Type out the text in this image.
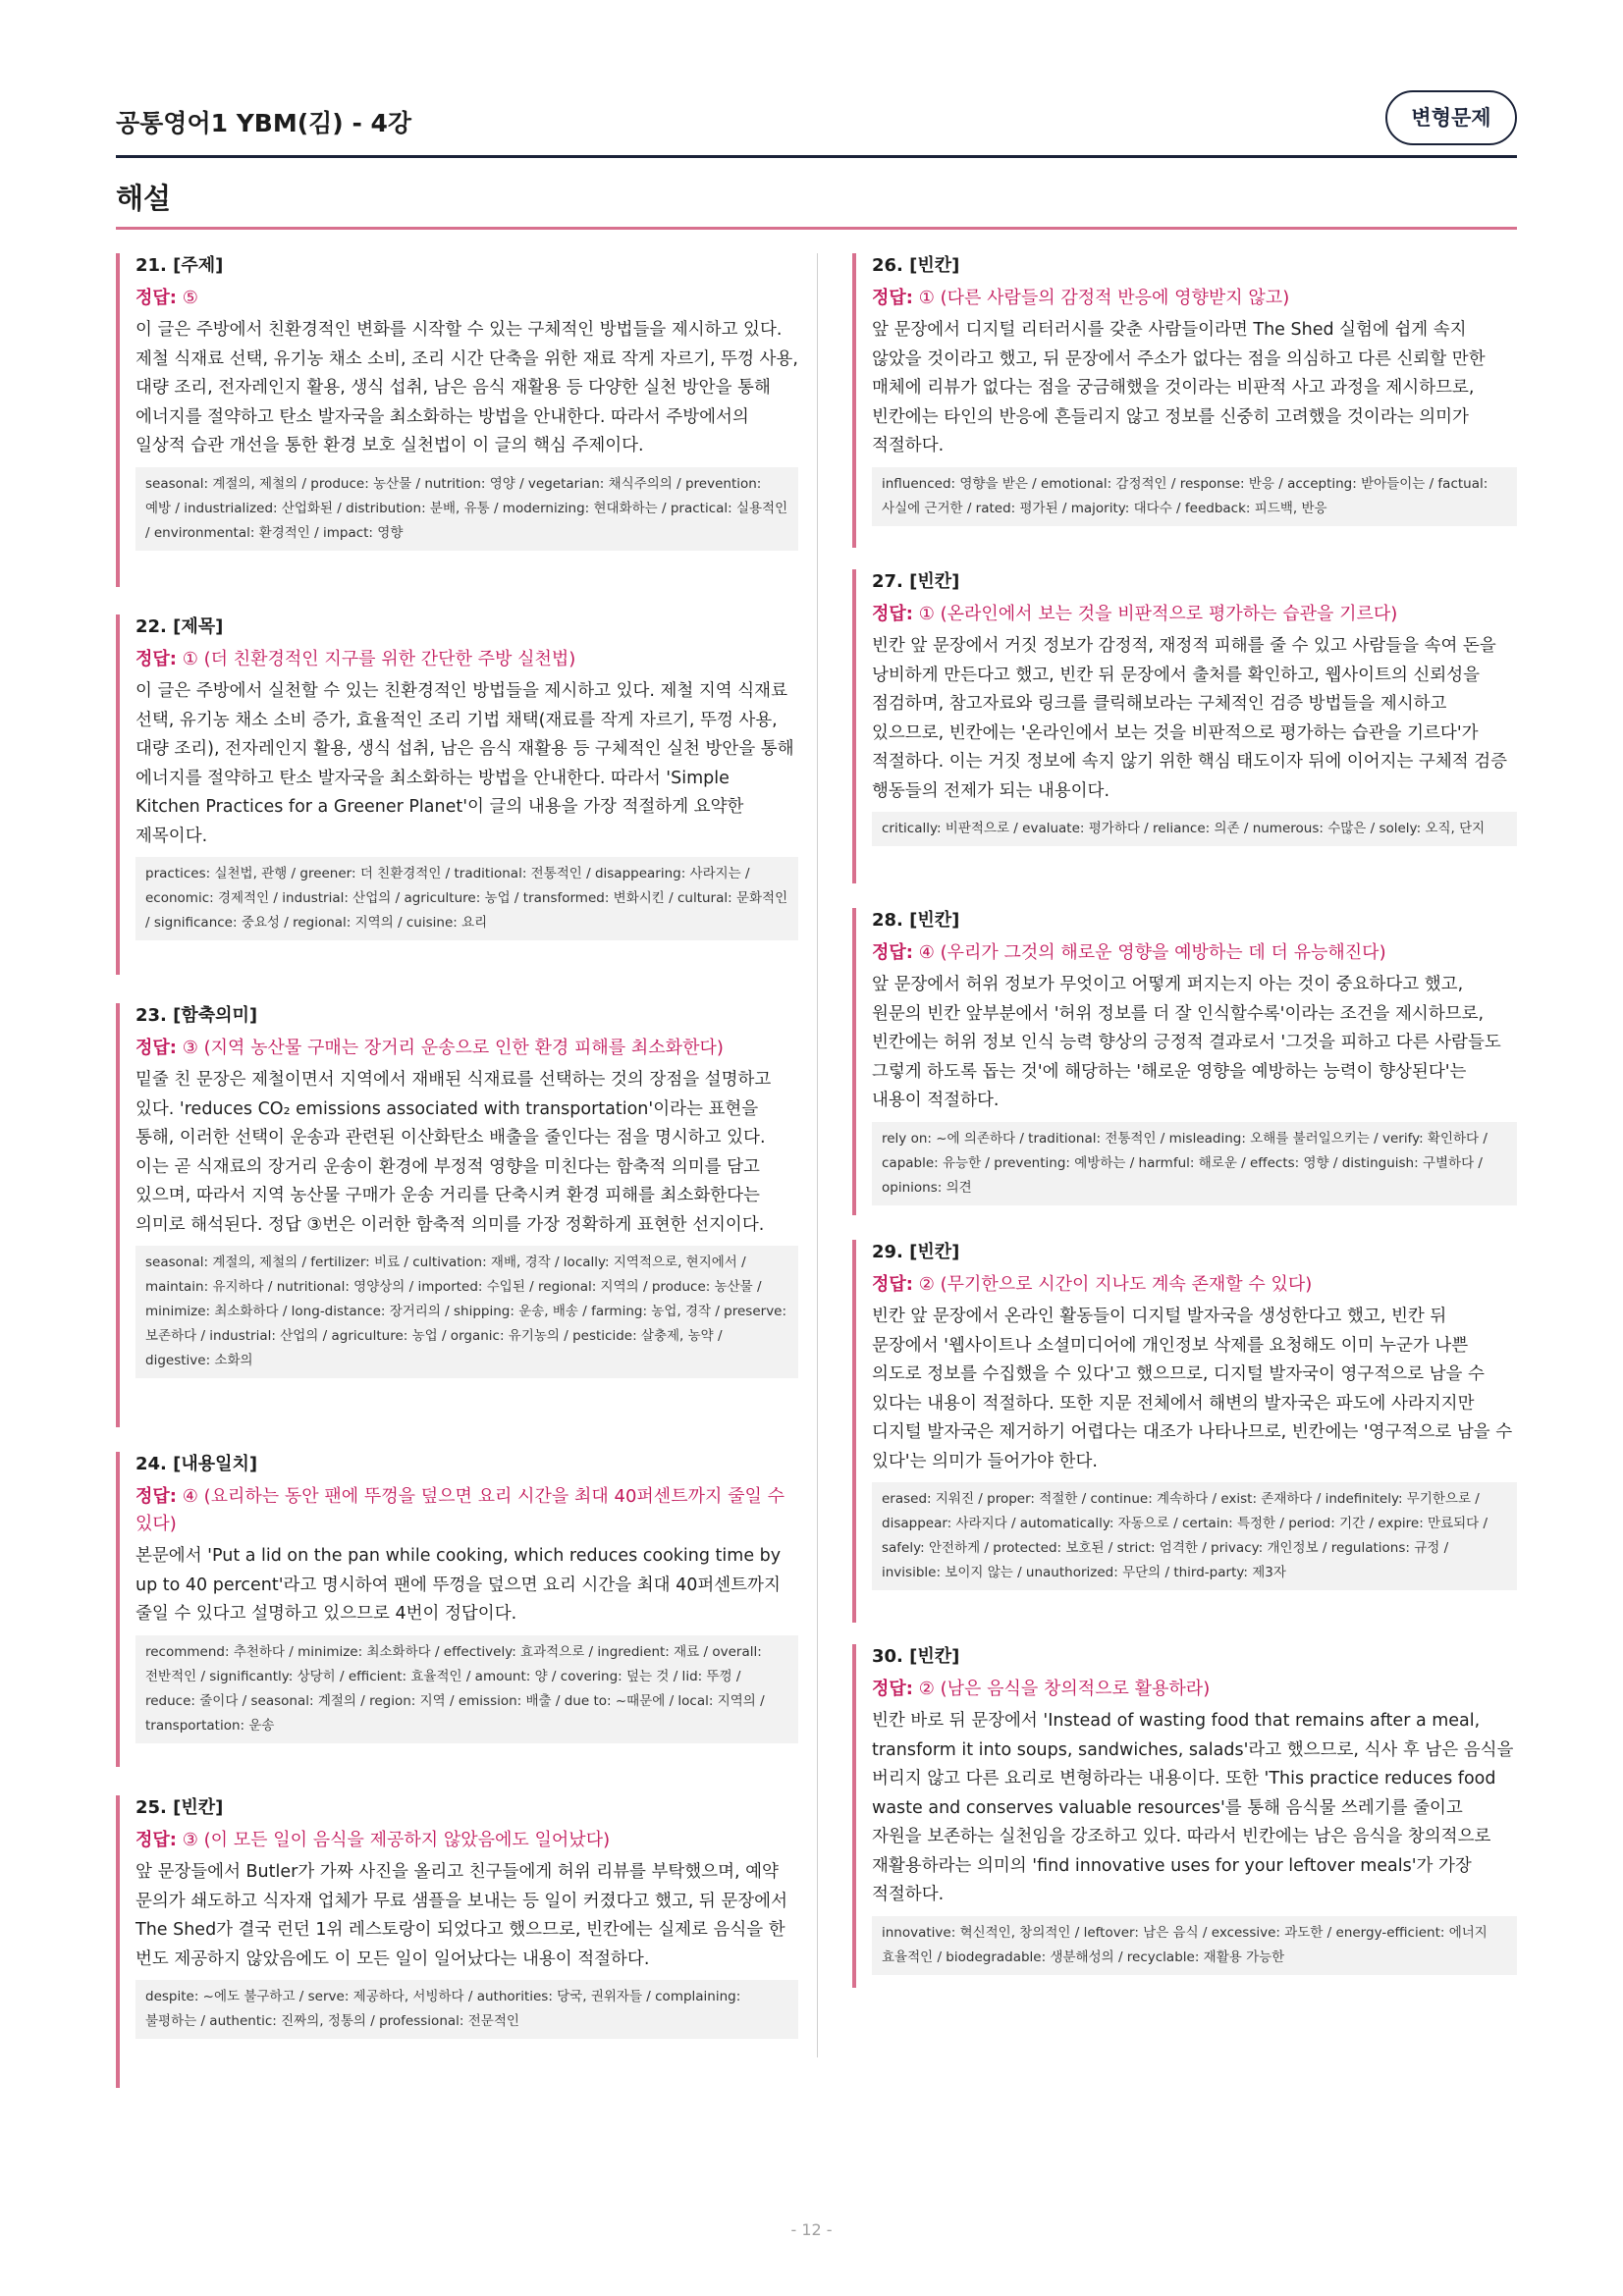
공통영어1 YBM(김) - 4강	변형문제
해설
21. [주제]
정답: ⑤
이 글은 주방에서 친환경적인 변화를 시작할 수 있는 구체적인 방법들을 제시하고 있다. 제철 식재료 선택, 유기농 채소 소비, 조리 시간 단축을 위한 재료 작게 자르기, 뚜껑 사용, 대량 조리, 전자레인지 활용, 생식 섭취, 남은 음식 재활용 등 다양한 실천 방안을 통해 에너지를 절약하고 탄소 발자국을 최소화하는 방법을 안내한다. 따라서 주방에서의 일상적 습관 개선을 통한 환경 보호 실천법이 이 글의 핵심 주제이다.
seasonal: 계절의, 제철의 / produce: 농산물 / nutrition: 영양 / vegetarian: 채식주의의 / prevention: 예방 / industrialized: 산업화된 / distribution: 분배, 유통 / modernizing: 현대화하는 / practical: 실용적인 / environmental: 환경적인 / impact: 영향
22. [제목]
정답: ① (더 친환경적인 지구를 위한 간단한 주방 실천법)
이 글은 주방에서 실천할 수 있는 친환경적인 방법들을 제시하고 있다. 제철 지역 식재료 선택, 유기농 채소 소비 증가, 효율적인 조리 기법 채택(재료를 작게 자르기, 뚜껑 사용, 대량 조리), 전자레인지 활용, 생식 섭취, 남은 음식 재활용 등 구체적인 실천 방안을 통해 에너지를 절약하고 탄소 발자국을 최소화하는 방법을 안내한다. 따라서 'Simple Kitchen Practices for a Greener Planet'이 글의 내용을 가장 적절하게 요약한 제목이다.
practices: 실천법, 관행 / greener: 더 친환경적인 / traditional: 전통적인 / disappearing: 사라지는 / economic: 경제적인 / industrial: 산업의 / agriculture: 농업 / transformed: 변화시킨 / cultural: 문화적인 / significance: 중요성 / regional: 지역의 / cuisine: 요리
23. [함축의미]
정답: ③ (지역 농산물 구매는 장거리 운송으로 인한 환경 피해를 최소화한다)
밑줄 친 문장은 제철이면서 지역에서 재배된 식재료를 선택하는 것의 장점을 설명하고 있다. 'reduces CO₂ emissions associated with transportation'이라는 표현을 통해, 이러한 선택이 운송과 관련된 이산화탄소 배출을 줄인다는 점을 명시하고 있다. 이는 곧 식재료의 장거리 운송이 환경에 부정적 영향을 미친다는 함축적 의미를 담고 있으며, 따라서 지역 농산물 구매가 운송 거리를 단축시켜 환경 피해를 최소화한다는 의미로 해석된다. 정답 ③번은 이러한 함축적 의미를 가장 정확하게 표현한 선지이다.
seasonal: 계절의, 제철의 / fertilizer: 비료 / cultivation: 재배, 경작 / locally: 지역적으로, 현지에서 / maintain: 유지하다 / nutritional: 영양상의 / imported: 수입된 / regional: 지역의 / produce: 농산물 / minimize: 최소화하다 / long-distance: 장거리의 / shipping: 운송, 배송 / farming: 농업, 경작 / preserve: 보존하다 / industrial: 산업의 / agriculture: 농업 / organic: 유기농의 / pesticide: 살충제, 농약 / digestive: 소화의
24. [내용일치]
정답: ④ (요리하는 동안 팬에 뚜껑을 덮으면 요리 시간을 최대 40퍼센트까지 줄일 수 있다)
본문에서 'Put a lid on the pan while cooking, which reduces cooking time by up to 40 percent'라고 명시하여 팬에 뚜껑을 덮으면 요리 시간을 최대 40퍼센트까지 줄일 수 있다고 설명하고 있으므로 4번이 정답이다.
recommend: 추천하다 / minimize: 최소화하다 / effectively: 효과적으로 / ingredient: 재료 / overall: 전반적인 / significantly: 상당히 / efficient: 효율적인 / amount: 양 / covering: 덮는 것 / lid: 뚜껑 / reduce: 줄이다 / seasonal: 계절의 / region: 지역 / emission: 배출 / due to: ~때문에 / local: 지역의 / transportation: 운송
25. [빈칸]
정답: ③ (이 모든 일이 음식을 제공하지 않았음에도 일어났다)
앞 문장들에서 Butler가 가짜 사진을 올리고 친구들에게 허위 리뷰를 부탁했으며, 예약 문의가 쇄도하고 식자재 업체가 무료 샘플을 보내는 등 일이 커졌다고 했고, 뒤 문장에서 The Shed가 결국 런던 1위 레스토랑이 되었다고 했으므로, 빈칸에는 실제로 음식을 한 번도 제공하지 않았음에도 이 모든 일이 일어났다는 내용이 적절하다.
despite: ~에도 불구하고 / serve: 제공하다, 서빙하다 / authorities: 당국, 권위자들 / complaining: 불평하는 / authentic: 진짜의, 정통의 / professional: 전문적인
26. [빈칸]
정답: ① (다른 사람들의 감정적 반응에 영향받지 않고)
앞 문장에서 디지털 리터러시를 갖춘 사람들이라면 The Shed 실험에 쉽게 속지 않았을 것이라고 했고, 뒤 문장에서 주소가 없다는 점을 의심하고 다른 신뢰할 만한 매체에 리뷰가 없다는 점을 궁금해했을 것이라는 비판적 사고 과정을 제시하므로, 빈칸에는 타인의 반응에 흔들리지 않고 정보를 신중히 고려했을 것이라는 의미가 적절하다.
influenced: 영향을 받은 / emotional: 감정적인 / response: 반응 / accepting: 받아들이는 / factual: 사실에 근거한 / rated: 평가된 / majority: 대다수 / feedback: 피드백, 반응
27. [빈칸]
정답: ① (온라인에서 보는 것을 비판적으로 평가하는 습관을 기르다)
빈칸 앞 문장에서 거짓 정보가 감정적, 재정적 피해를 줄 수 있고 사람들을 속여 돈을 낭비하게 만든다고 했고, 빈칸 뒤 문장에서 출처를 확인하고, 웹사이트의 신뢰성을 점검하며, 참고자료와 링크를 클릭해보라는 구체적인 검증 방법들을 제시하고 있으므로, 빈칸에는 '온라인에서 보는 것을 비판적으로 평가하는 습관을 기르다'가 적절하다. 이는 거짓 정보에 속지 않기 위한 핵심 태도이자 뒤에 이어지는 구체적 검증 행동들의 전제가 되는 내용이다.
critically: 비판적으로 / evaluate: 평가하다 / reliance: 의존 / numerous: 수많은 / solely: 오직, 단지
28. [빈칸]
정답: ④ (우리가 그것의 해로운 영향을 예방하는 데 더 유능해진다)
앞 문장에서 허위 정보가 무엇이고 어떻게 퍼지는지 아는 것이 중요하다고 했고, 원문의 빈칸 앞부분에서 '허위 정보를 더 잘 인식할수록'이라는 조건을 제시하므로, 빈칸에는 허위 정보 인식 능력 향상의 긍정적 결과로서 '그것을 피하고 다른 사람들도 그렇게 하도록 돕는 것'에 해당하는 '해로운 영향을 예방하는 능력이 향상된다'는 내용이 적절하다.
rely on: ~에 의존하다 / traditional: 전통적인 / misleading: 오해를 불러일으키는 / verify: 확인하다 / capable: 유능한 / preventing: 예방하는 / harmful: 해로운 / effects: 영향 / distinguish: 구별하다 / opinions: 의견
29. [빈칸]
정답: ② (무기한으로 시간이 지나도 계속 존재할 수 있다)
빈칸 앞 문장에서 온라인 활동들이 디지털 발자국을 생성한다고 했고, 빈칸 뒤 문장에서 '웹사이트나 소셜미디어에 개인정보 삭제를 요청해도 이미 누군가 나쁜 의도로 정보를 수집했을 수 있다'고 했으므로, 디지털 발자국이 영구적으로 남을 수 있다는 내용이 적절하다. 또한 지문 전체에서 해변의 발자국은 파도에 사라지지만 디지털 발자국은 제거하기 어렵다는 대조가 나타나므로, 빈칸에는 '영구적으로 남을 수 있다'는 의미가 들어가야 한다.
erased: 지워진 / proper: 적절한 / continue: 계속하다 / exist: 존재하다 / indefinitely: 무기한으로 / disappear: 사라지다 / automatically: 자동으로 / certain: 특정한 / period: 기간 / expire: 만료되다 / safely: 안전하게 / protected: 보호된 / strict: 엄격한 / privacy: 개인정보 / regulations: 규정 / invisible: 보이지 않는 / unauthorized: 무단의 / third-party: 제3자
30. [빈칸]
정답: ② (남은 음식을 창의적으로 활용하라)
빈칸 바로 뒤 문장에서 'Instead of wasting food that remains after a meal, transform it into soups, sandwiches, salads'라고 했으므로, 식사 후 남은 음식을 버리지 않고 다른 요리로 변형하라는 내용이다. 또한 'This practice reduces food waste and conserves valuable resources'를 통해 음식물 쓰레기를 줄이고 자원을 보존하는 실천임을 강조하고 있다. 따라서 빈칸에는 남은 음식을 창의적으로 재활용하라는 의미의 'find innovative uses for your leftover meals'가 가장 적절하다.
innovative: 혁신적인, 창의적인 / leftover: 남은 음식 / excessive: 과도한 / energy-efficient: 에너지 효율적인 / biodegradable: 생분해성의 / recyclable: 재활용 가능한
- 12 -
